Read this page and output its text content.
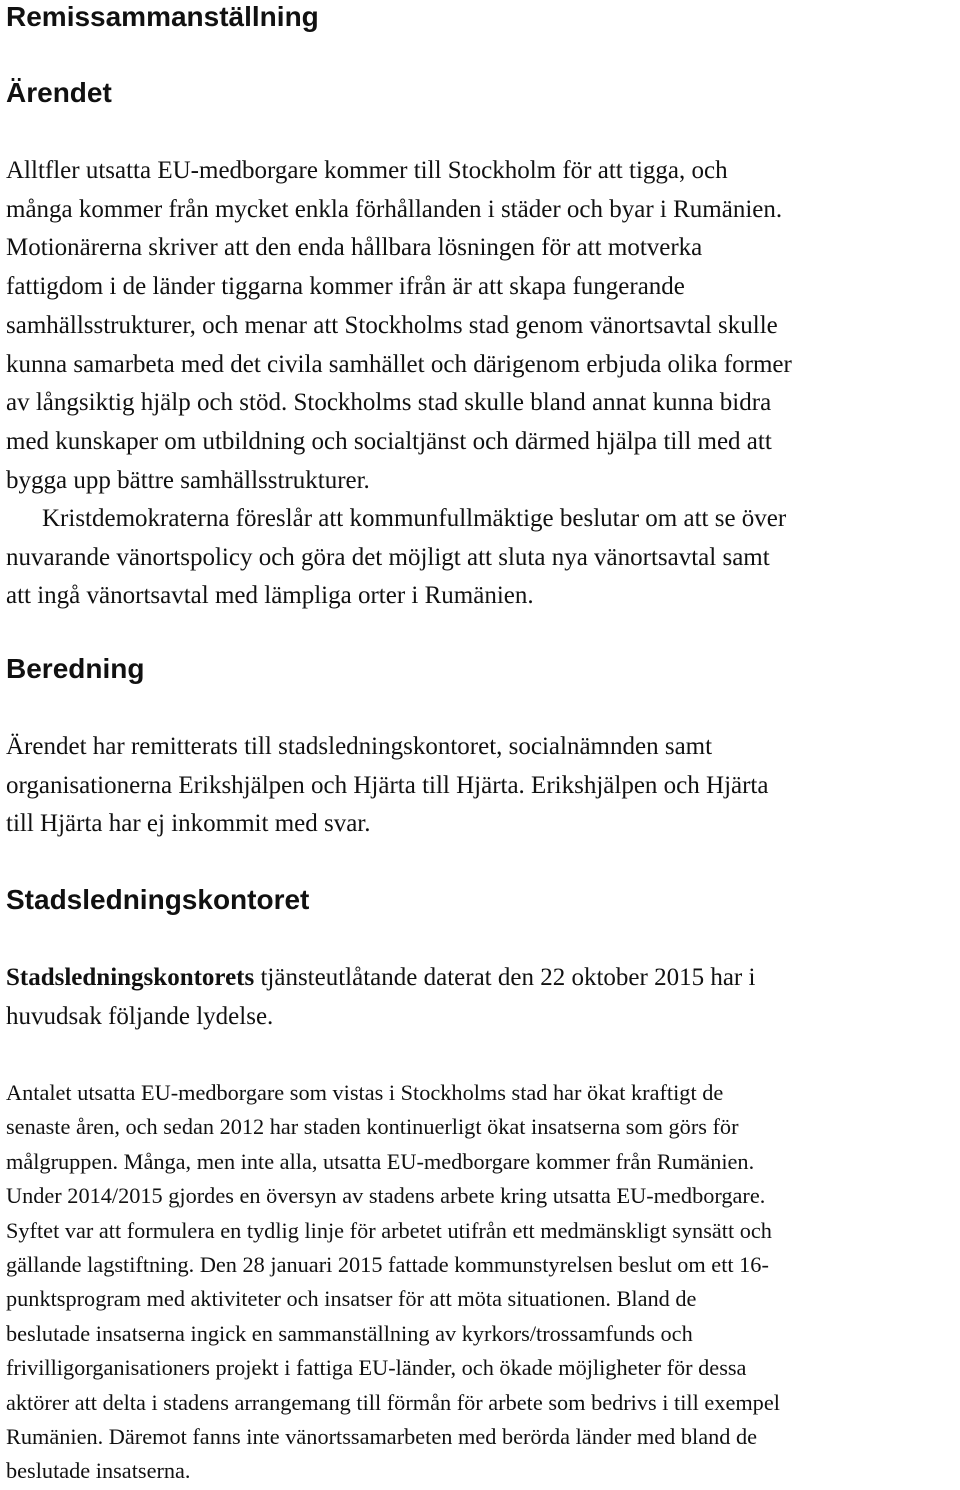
Remissammanställning
Ärendet
Alltfler utsatta EU-medborgare kommer till Stockholm för att tigga, och
många kommer från mycket enkla förhållanden i städer och byar i Rumänien.
Motionärerna skriver att den enda hållbara lösningen för att motverka
fattigdom i de länder tiggarna kommer ifrån är att skapa fungerande
samhällsstrukturer, och menar att Stockholms stad genom vänortsavtal skulle
kunna samarbeta med det civila samhället och därigenom erbjuda olika former
av långsiktig hjälp och stöd. Stockholms stad skulle bland annat kunna bidra
med kunskaper om utbildning och socialtjänst och därmed hjälpa till med att
bygga upp bättre samhällsstrukturer.
Kristdemokraterna föreslår att kommunfullmäktige beslutar om att se över
nuvarande vänortspolicy och göra det möjligt att sluta nya vänortsavtal samt
att ingå vänortsavtal med lämpliga orter i Rumänien.
Beredning
Ärendet har remitterats till stadsledningskontoret, socialnämnden samt
organisationerna Erikshjälpen och Hjärta till Hjärta. Erikshjälpen och Hjärta
till Hjärta har ej inkommit med svar.
Stadsledningskontoret
Stadsledningskontorets tjänsteutlåtande daterat den 22 oktober 2015 har i
huvudsak följande lydelse.
Antalet utsatta EU-medborgare som vistas i Stockholms stad har ökat kraftigt de
senaste åren, och sedan 2012 har staden kontinuerligt ökat insatserna som görs för
målgruppen. Många, men inte alla, utsatta EU-medborgare kommer från Rumänien.
Under 2014/2015 gjordes en översyn av stadens arbete kring utsatta EU-medborgare.
Syftet var att formulera en tydlig linje för arbetet utifrån ett medmänskligt synsätt och
gällande lagstiftning. Den 28 januari 2015 fattade kommunstyrelsen beslut om ett 16-
punktsprogram med aktiviteter och insatser för att möta situationen. Bland de
beslutade insatserna ingick en sammanställning av kyrkors/trossamfunds och
frivilligorganisationers projekt i fattiga EU-länder, och ökade möjligheter för dessa
aktörer att delta i stadens arrangemang till förmån för arbete som bedrivs i till exempel
Rumänien. Däremot fanns inte vänortssamarbeten med berörda länder med bland de
beslutade insatserna.
